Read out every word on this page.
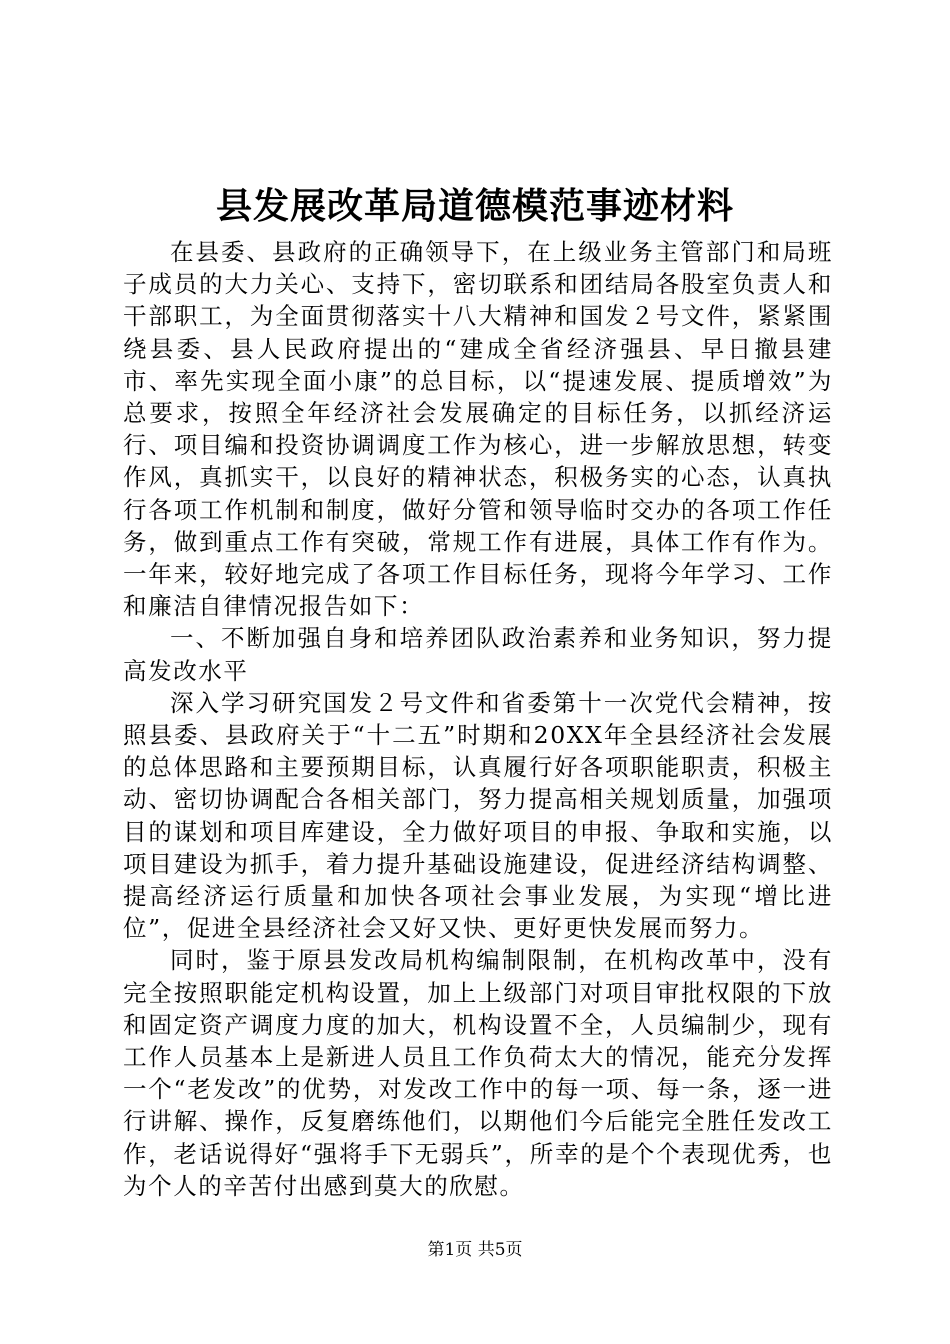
县发展改革局道德模范事迹材料

在县委、县政府的正确领导下，在上级业务主管部门和局班子成员的大力关心、支持下，密切联系和团结局各股室负责人和干部职工，为全面贯彻落实十八大精神和国发２号文件，紧紧围绕县委、县人民政府提出的“建成全省经济强县、早日撤县建市、率先实现全面小康”的总目标，以“提速发展、提质增效”为总要求，按照全年经济社会发展确定的目标任务，以抓经济运行、项目编和投资协调调度工作为核心，进一步解放思想，转变作风，真抓实干，以良好的精神状态，积极务实的心态，认真执行各项工作机制和制度，做好分管和领导临时交办的各项工作任务，做到重点工作有突破，常规工作有进展，具体工作有作为。一年来，较好地完成了各项工作目标任务，现将今年学习、工作和廉洁自律情况报告如下：

一、不断加强自身和培养团队政治素养和业务知识，努力提高发改水平

深入学习研究国发２号文件和省委第十一次党代会精神，按照县委、县政府关于“十二五”时期和20XX年全县经济社会发展的总体思路和主要预期目标，认真履行好各项职能职责，积极主动、密切协调配合各相关部门，努力提高相关规划质量，加强项目的谋划和项目库建设，全力做好项目的申报、争取和实施，以项目建设为抓手，着力提升基础设施建设，促进经济结构调整、提高经济运行质量和加快各项社会事业发展，为实现“增比进位”，促进全县经济社会又好又快、更好更快发展而努力。

同时，鉴于原县发改局机构编制限制，在机构改革中，没有完全按照职能定机构设置，加上上级部门对项目审批权限的下放和固定资产调度力度的加大，机构设置不全，人员编制少，现有工作人员基本上是新进人员且工作负荷太大的情况，能充分发挥一个“老发改”的优势，对发改工作中的每一项、每一条，逐一进行讲解、操作，反复磨练他们，以期他们今后能完全胜任发改工作，老话说得好“强将手下无弱兵”，所幸的是个个表现优秀，也为个人的辛苦付出感到莫大的欣慰。

第1页 共5页
